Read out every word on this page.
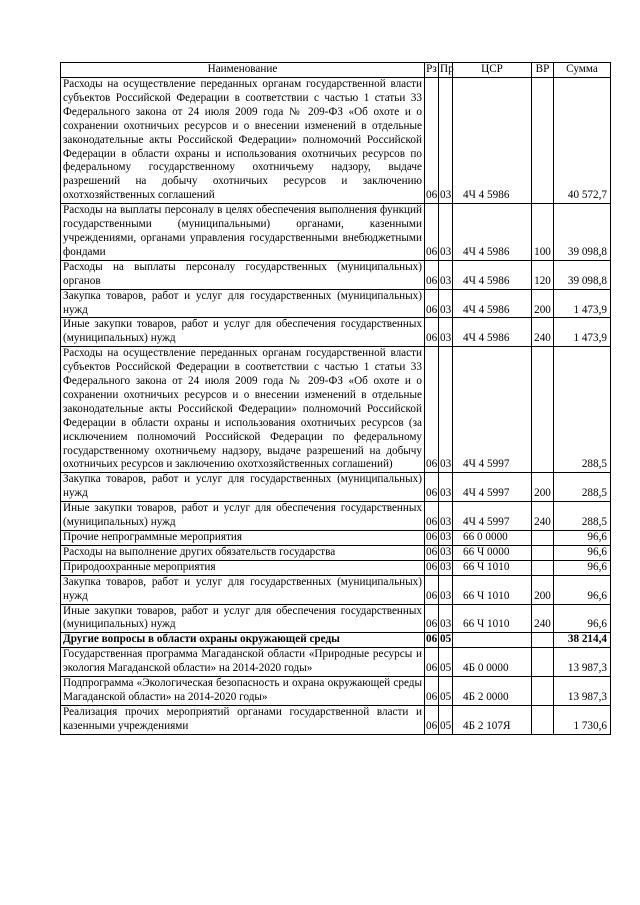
Наименование	Рз	Пр	ЦСР	ВР	Сумма
Расходы на осуществление переданных органам государственной власти субъектов Российской Федерации в соответствии с частью 1 статьи 33 Федерального закона от 24 июля 2009 года № 209-ФЗ «Об охоте и о сохранении охотничьих ресурсов и о внесении изменений в отдельные законодательные акты Российской Федерации» полномочий Российской Федерации в области охраны и использования охотничьих ресурсов по федеральному государственному охотничьему надзору, выдаче разрешений на добычу охотничьих ресурсов и заключению охотхозяйственных соглашений	06	03	4Ч 4 5986		40 572,7
Расходы на выплаты персоналу в целях обеспечения выполнения функций государственными (муниципальными) органами, казенными учреждениями, органами управления государственными внебюджетными фондами	06	03	4Ч 4 5986	100	39 098,8
Расходы на выплаты персоналу государственных (муниципальных) органов	06	03	4Ч 4 5986	120	39 098,8
Закупка товаров, работ и услуг для государственных (муниципальных) нужд	06	03	4Ч 4 5986	200	1 473,9
Иные закупки товаров, работ и услуг для обеспечения государственных (муниципальных) нужд	06	03	4Ч 4 5986	240	1 473,9
Расходы на осуществление переданных органам государственной власти субъектов Российской Федерации в соответствии с частью 1 статьи 33 Федерального закона от 24 июля 2009 года № 209-ФЗ «Об охоте и о сохранении охотничьих ресурсов и о внесении изменений в отдельные законодательные акты Российской Федерации» полномочий Российской Федерации в области охраны и использования охотничьих ресурсов (за исключением полномочий Российской Федерации по федеральному государственному охотничьему надзору, выдаче разрешений на добычу охотничьих ресурсов и заключению охотхозяйственных соглашений)	06	03	4Ч 4 5997		288,5
Закупка товаров, работ и услуг для государственных (муниципальных) нужд	06	03	4Ч 4 5997	200	288,5
Иные закупки товаров, работ и услуг для обеспечения государственных (муниципальных) нужд	06	03	4Ч 4 5997	240	288,5
Прочие непрограммные мероприятия	06	03	66 0 0000		96,6
Расходы на выполнение других обязательств государства	06	03	66 Ч 0000		96,6
Природоохранные мероприятия	06	03	66 Ч 1010		96,6
Закупка товаров, работ и услуг для государственных (муниципальных) нужд	06	03	66 Ч 1010	200	96,6
Иные закупки товаров, работ и услуг для обеспечения государственных (муниципальных) нужд	06	03	66 Ч 1010	240	96,6
Другие вопросы в области охраны окружающей среды	06	05			38 214,4
Государственная программа Магаданской области «Природные ресурсы и экология Магаданской области» на 2014-2020 годы»	06	05	4Б 0 0000		13 987,3
Подпрограмма «Экологическая безопасность и охрана окружающей среды Магаданской области» на 2014-2020 годы»	06	05	4Б 2 0000		13 987,3
Реализация прочих мероприятий органами государственной власти и казенными учреждениями	06	05	4Б 2 107Я		1 730,6
